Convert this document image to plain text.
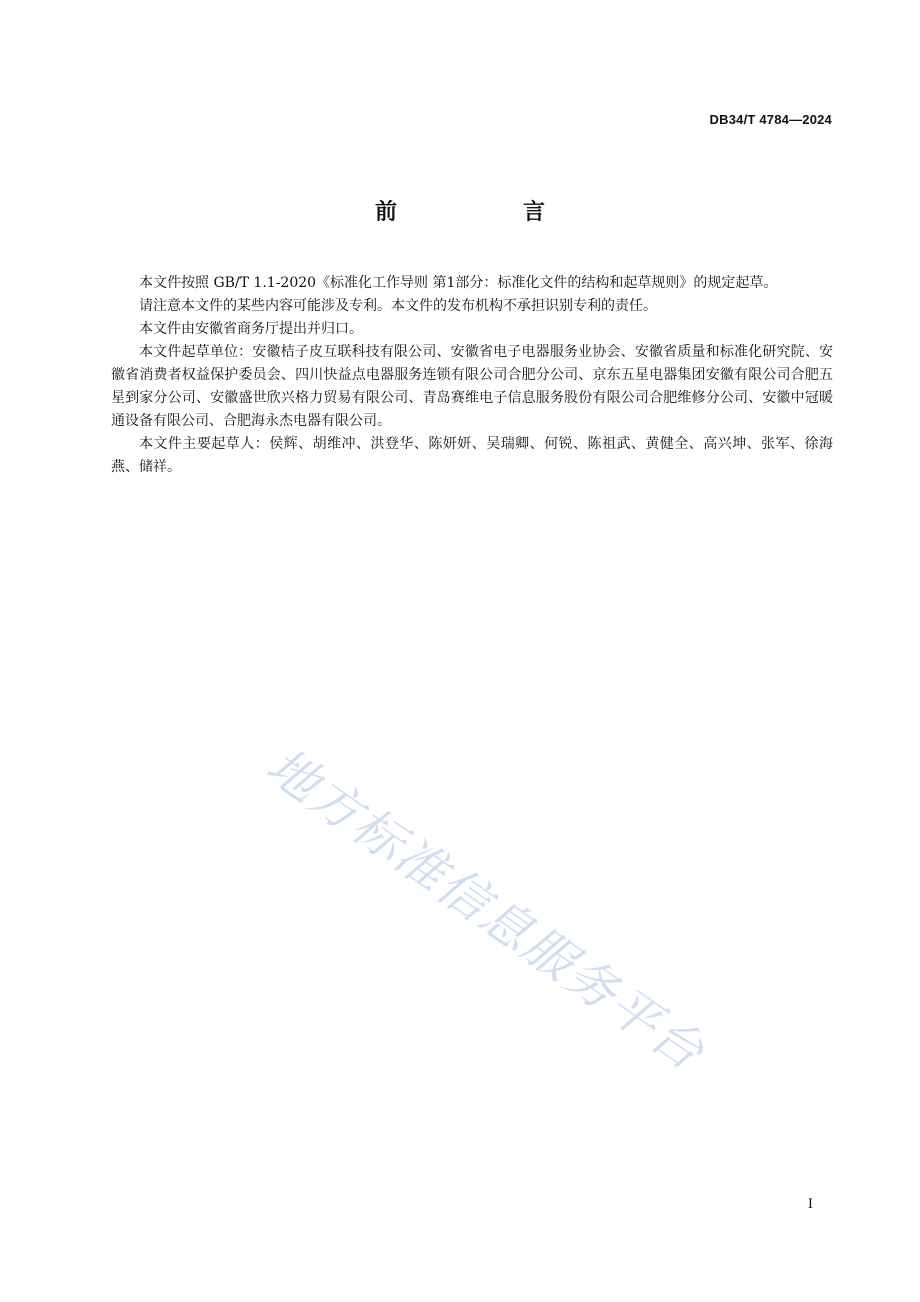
DB34/T 4784—2024
前　言

本文件按照 GB/T 1.1-2020《标准化工作导则 第1部分：标准化文件的结构和起草规则》的规定起草。

请注意本文件的某些内容可能涉及专利。本文件的发布机构不承担识别专利的责任。

本文件由安徽省商务厅提出并归口。

本文件起草单位：安徽桔子皮互联科技有限公司、安徽省电子电器服务业协会、安徽省质量和标准化研究院、安徽省消费者权益保护委员会、四川快益点电器服务连锁有限公司合肥分公司、京东五星电器集团安徽有限公司合肥五星到家分公司、安徽盛世欣兴格力贸易有限公司、青岛赛维电子信息服务股份有限公司合肥维修分公司、安徽中冠暖通设备有限公司、合肥海永杰电器有限公司。

本文件主要起草人：侯辉、胡维冲、洪登华、陈妍妍、吴瑞卿、何锐、陈祖武、黄健全、高兴坤、张军、徐海燕、储祥。

地方标准信息服务平台
I
